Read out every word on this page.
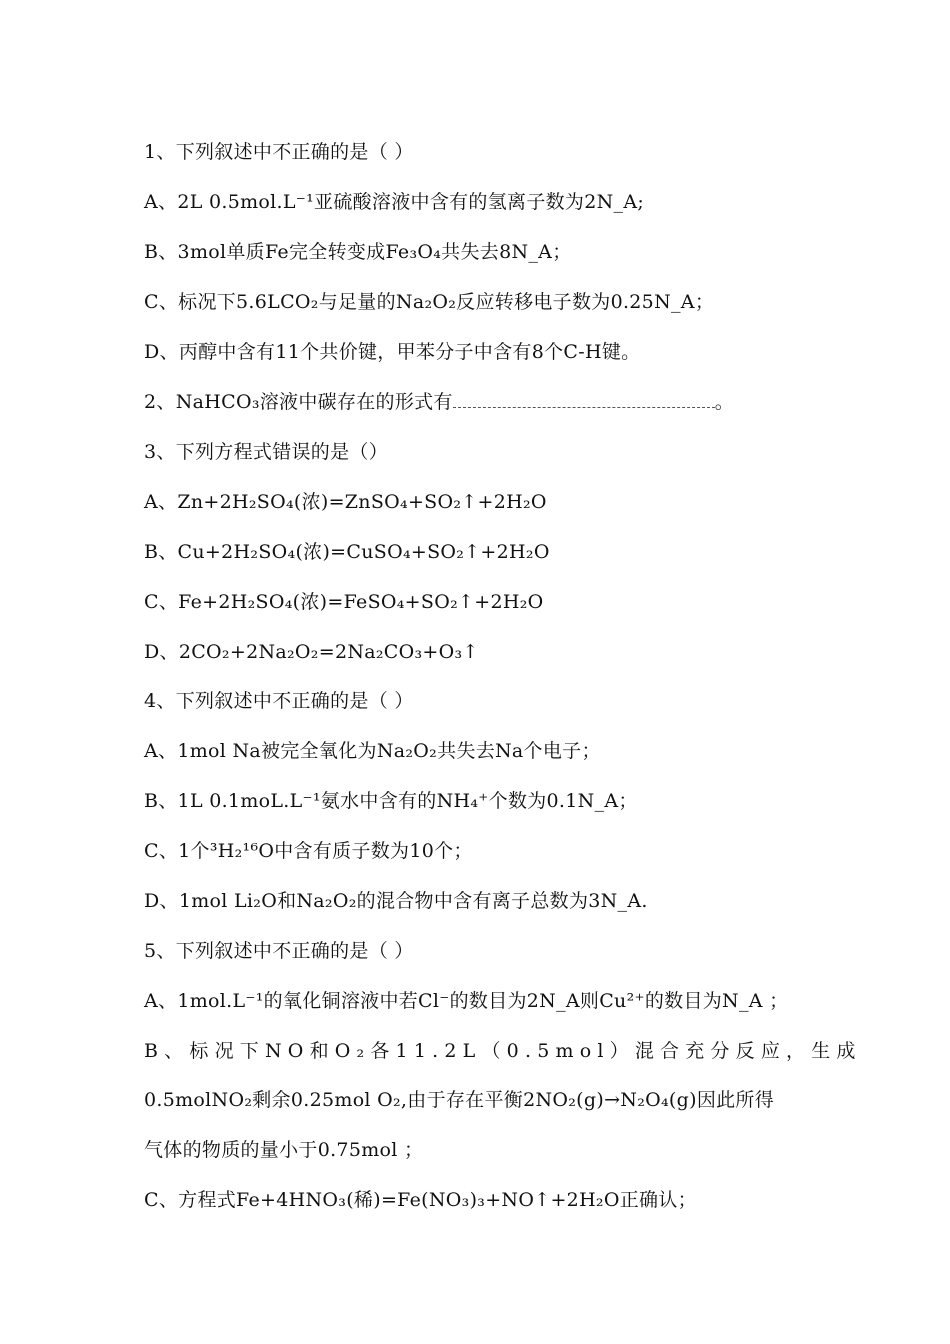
1、下列叙述中不正确的是（ ）
A、2L 0.5mol.L⁻¹亚硫酸溶液中含有的氢离子数为2N_A;
B、3mol单质Fe完全转变成Fe₃O₄共失去8N_A；
C、标况下5.6LCO₂与足量的Na₂O₂反应转移电子数为0.25N_A；
D、丙醇中含有11个共价键，甲苯分子中含有8个C-H键。
2、NaHCO₃溶液中碳存在的形式有	。
3、下列方程式错误的是（）
A、Zn+2H₂SO₄(浓)=ZnSO₄+SO₂↑+2H₂O
B、Cu+2H₂SO₄(浓)=CuSO₄+SO₂↑+2H₂O
C、Fe+2H₂SO₄(浓)=FeSO₄+SO₂↑+2H₂O
D、2CO₂+2Na₂O₂=2Na₂CO₃+O₃↑
4、下列叙述中不正确的是（ ）
A、1mol Na被完全氧化为Na₂O₂共失去Na个电子；
B、1L 0.1moL.L⁻¹氨水中含有的NH₄⁺个数为0.1N_A；
C、1个³H₂¹⁶O中含有质子数为10个；
D、1mol Li₂O和Na₂O₂的混合物中含有离子总数为3N_A.
5、下列叙述中不正确的是（ ）
A、1mol.L⁻¹的氧化铜溶液中若Cl⁻的数目为2N_A则Cu²⁺的数目为N_A ；
B、标况下NO和O₂各11.2L（0.5mol）混合充分反应，生成
0.5molNO₂剩余0.25mol O₂,由于存在平衡2NO₂(g)→N₂O₄(g)因此所得
气体的物质的量小于0.75mol ；
C、方程式Fe+4HNO₃(稀)=Fe(NO₃)₃+NO↑+2H₂O正确认；
